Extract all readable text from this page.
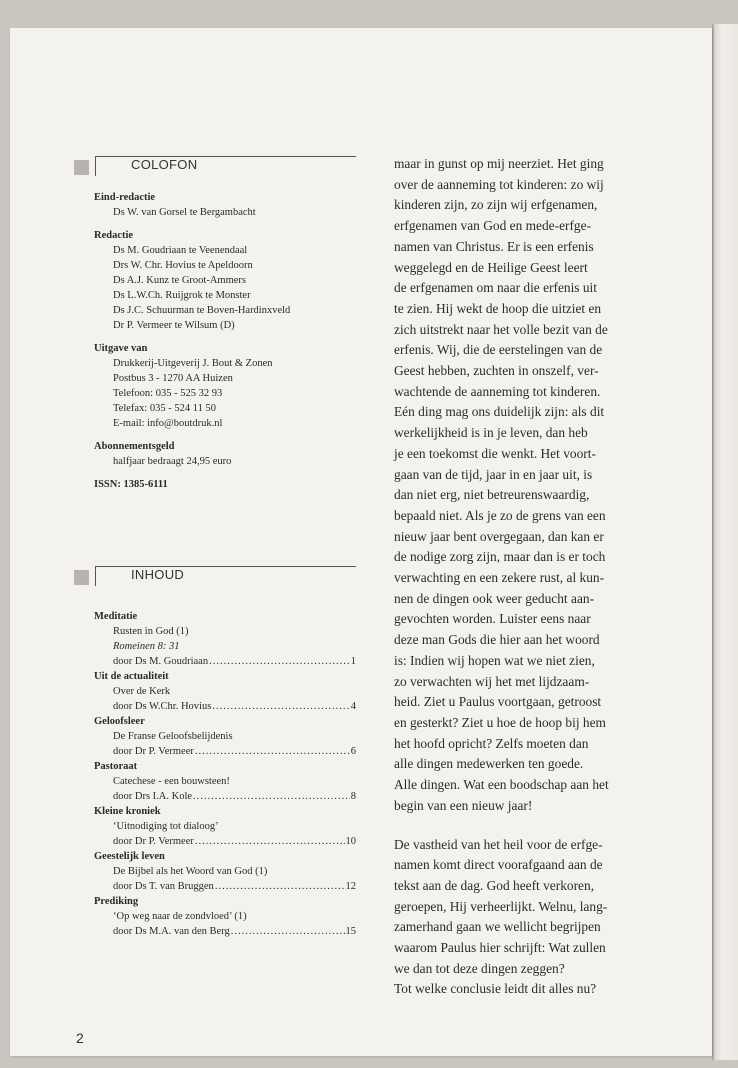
COLOFON
Eind-redactie
Ds W. van Gorsel te Bergambacht
Redactie
Ds M. Goudriaan te Veenendaal
Drs W. Chr. Hovius te Apeldoorn
Ds A.J. Kunz te Groot-Ammers
Ds L.W.Ch. Ruijgrok te Monster
Ds J.C. Schuurman te Boven-Hardinxveld
Dr P. Vermeer te Wilsum (D)
Uitgave van
Drukkerij-Uitgeverij J. Bout & Zonen
Postbus 3 - 1270 AA Huizen
Telefoon: 035 - 525 32 93
Telefax: 035 - 524 11 50
E-mail: info@boutdruk.nl
Abonnementsgeld
halfjaar bedraagt 24,95 euro
ISSN: 1385-6111
INHOUD
Meditatie
Rusten in God (1)
Romeinen 8: 31
door Ds M. Goudriaan .....	1
Uit de actualiteit
Over de Kerk
door Ds W.Chr. Hovius .....	4
Geloofsleer
De Franse Geloofsbelijdenis
door Dr P. Vermeer .....	6
Pastoraat
Catechese - een bouwsteen!
door Drs I.A. Kole .....	8
Kleine kroniek
‘Uitnodiging tot dialoog’
door Dr P. Vermeer .....	10
Geestelijk leven
De Bijbel als het Woord van God (1)
door Ds T. van Bruggen .....	12
Prediking
‘Op weg naar de zondvloed’ (1)
door Ds M.A. van den Berg .....	15
maar in gunst op mij neerziet. Het ging
over de aanneming tot kinderen: zo wij
kinderen zijn, zo zijn wij erfgenamen,
erfgenamen van God en mede-erfge-
namen van Christus. Er is een erfenis
weggelegd en de Heilige Geest leert
de erfgenamen om naar die erfenis uit
te zien. Hij wekt de hoop die uitziet en
zich uitstrekt naar het volle bezit van de
erfenis. Wij, die de eerstelingen van de
Geest hebben, zuchten in onszelf, ver-
wachtende de aanneming tot kinderen.
Eén ding mag ons duidelijk zijn: als dit
werkelijkheid is in je leven, dan heb
je een toekomst die wenkt. Het voort-
gaan van de tijd, jaar in en jaar uit, is
dan niet erg, niet betreurenswaardig,
bepaald niet. Als je zo de grens van een
nieuw jaar bent overgegaan, dan kan er
de nodige zorg zijn, maar dan is er toch
verwachting en een zekere rust, al kun-
nen de dingen ook weer geducht aan-
gevochten worden. Luister eens naar
deze man Gods die hier aan het woord
is: Indien wij hopen wat we niet zien,
zo verwachten wij het met lijdzaam-
heid. Ziet u Paulus voortgaan, getroost
en gesterkt? Ziet u hoe de hoop bij hem
het hoofd opricht? Zelfs moeten dan
alle dingen medewerken ten goede.
Alle dingen. Wat een boodschap aan het
begin van een nieuw jaar!
De vastheid van het heil voor de erfge-
namen komt direct voorafgaand aan de
tekst aan de dag. God heeft verkoren,
geroepen, Hij verheerlijkt. Welnu, lang-
zamerhand gaan we wellicht begrijpen
waarom Paulus hier schrijft: Wat zullen
we dan tot deze dingen zeggen?
Tot welke conclusie leidt dit alles nu?
2
